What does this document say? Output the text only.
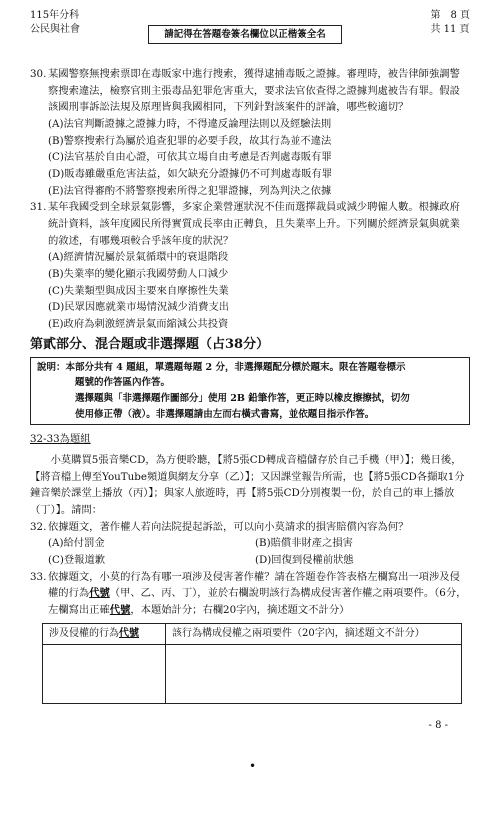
115年分科
公民與社會	請記得在答題卷簽名欄位以正楷簽全名
第　8 頁
共 11 頁
30. 某國警察無搜索票即在毒販家中進行搜索，獲得逮捕毒販之證據。審理時，被告律師強調警察搜索違法，檢察官則主張毒品犯罪危害重大，要求法官依查得之證據判處被告有罪。假設該國刑事訴訟法規及原理皆與我國相同，下列針對該案件的評論，哪些較適切？
(A)法官判斷證據之證據力時，不得違反論理法則以及經驗法則
(B)警察搜索行為屬於追查犯罪的必要手段，故其行為並不違法
(C)法官基於自由心證，可依其立場自由考慮是否判處毒販有罪
(D)販毒雖嚴重危害法益，如欠缺充分證據仍不可判處毒販有罪
(E)法官得審酌不將警察搜索所得之犯罪證據，列為判決之依據
31. 某年我國受到全球景氣影響，多家企業營運狀況不佳而選擇裁員或減少聘僱人數。根據政府統計資料，該年度國民所得實質成長率由正轉負，且失業率上升。下列關於經濟景氣與就業的敘述，有哪幾項較合乎該年度的狀況？
(A)經濟情況屬於景氣循環中的衰退階段
(B)失業率的變化顯示我國勞動人口減少
(C)失業類型與成因主要來自摩擦性失業
(D)民眾因應就業市場情況減少消費支出
(E)政府為刺激經濟景氣而縮減公共投資
第貳部分、混合題或非選擇題（占38分）
說明：本部分共有 4 題組，單選題每題 2 分，非選擇題配分標於題末。限在答題卷標示
題號的作答區內作答。
選擇題與「非選擇題作圖部分」使用 2B 鉛筆作答，更正時以橡皮擦擦拭，切勿
使用修正帶（液）。非選擇題請由左而右橫式書寫，並依題目指示作答。
32-33為題組
小莫購買5張音樂CD，為方便聆聽，【將5張CD轉成音檔儲存於自己手機（甲）】；幾日後，【將音檔上傳至YouTube頻道與網友分享（乙）】；又因課堂報告所需，也【將5張CD各擷取1分鐘音樂於課堂上播放（丙）】；與家人旅遊時，再【將5張CD分別複製一份，於自己的車上播放（丁）】。請問：
32. 依據題文，著作權人若向法院提起訴訟，可以向小莫請求的損害賠償內容為何？
(A)給付罰金	(B)賠償非財產之損害
(C)登報道歉	(D)回復到侵權前狀態
33. 依據題文，小莫的行為有哪一項涉及侵害著作權？請在答題卷作答表格左欄寫出一項涉及侵權的行為代號（甲、乙、丙、丁），並於右欄說明該行為構成侵害著作權之兩項要件。（6分，左欄寫出正確代號，本題始計分；右欄20字內，摘述題文不計分）
涉及侵權的行為代號	該行為構成侵權之兩項要件（20字內，摘述題文不計分）

- 8 -
•
